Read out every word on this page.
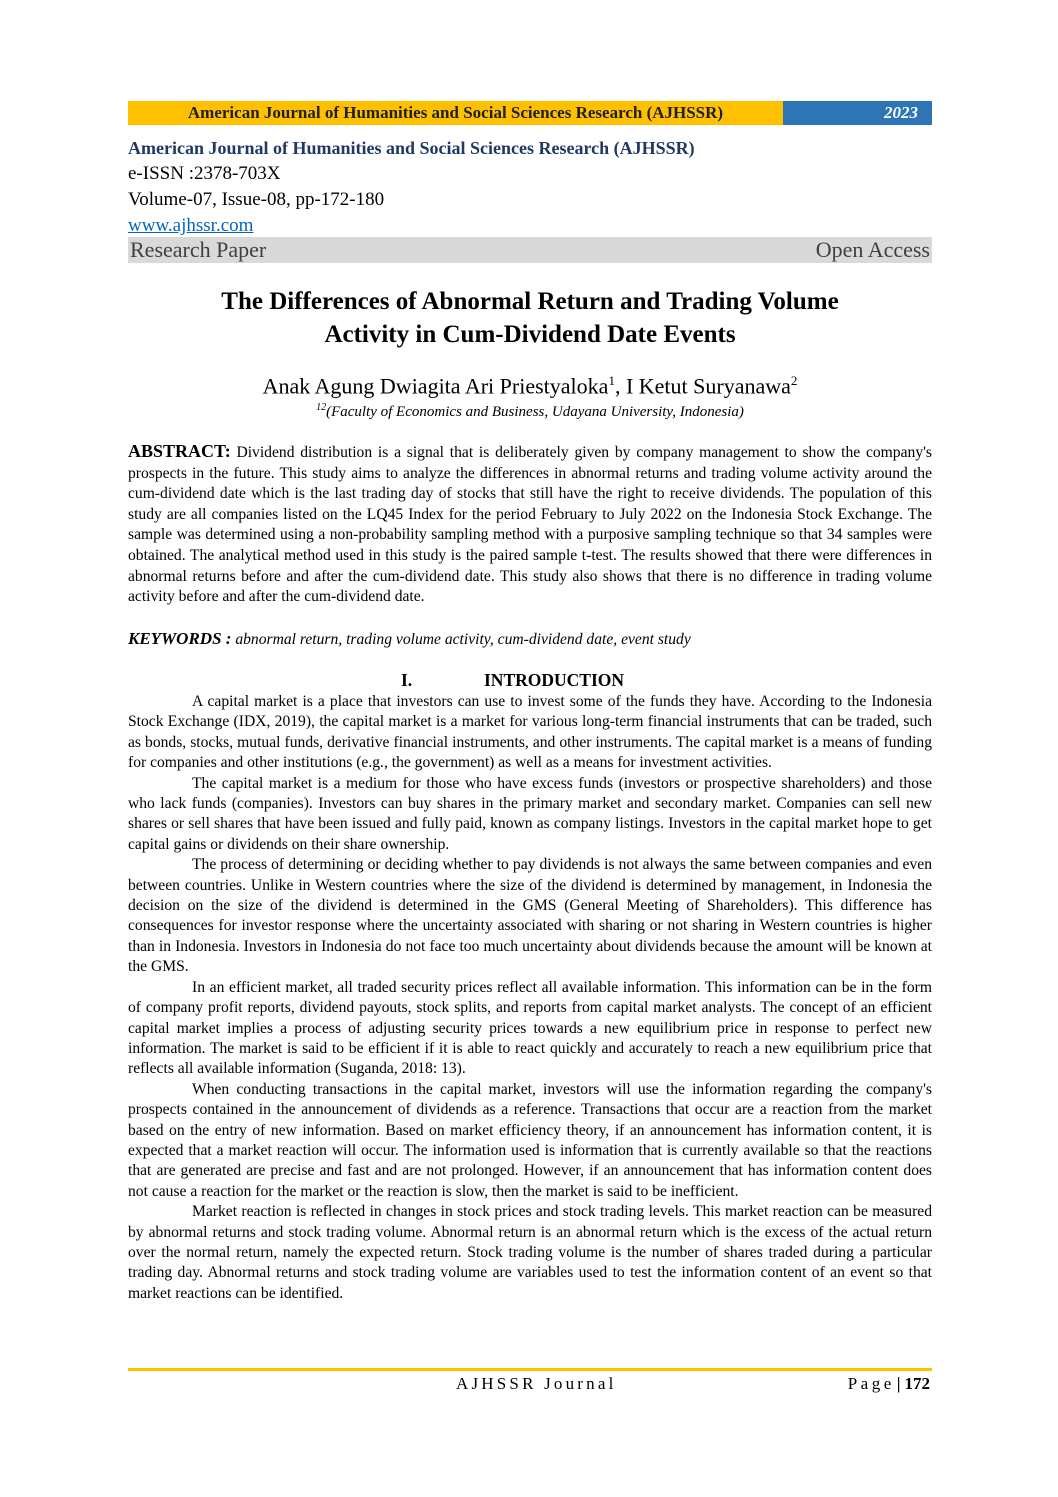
American Journal of Humanities and Social Sciences Research (AJHSSR)	2023
American Journal of Humanities and Social Sciences Research (AJHSSR)
e-ISSN :2378-703X
Volume-07, Issue-08, pp-172-180
www.ajhssr.com
Research Paper	Open Access
The Differences of Abnormal Return and Trading Volume
Activity in Cum-Dividend Date Events
Anak Agung Dwiagita Ari Priestyaloka$^1$, I Ketut Suryanawa$^2$
$^{12}$(Faculty of Economics and Business, Udayana University, Indonesia)
ABSTRACT: Dividend distribution is a signal that is deliberately given by company management to show the company's prospects in the future. This study aims to analyze the differences in abnormal returns and trading volume activity around the cum-dividend date which is the last trading day of stocks that still have the right to receive dividends. The population of this study are all companies listed on the LQ45 Index for the period February to July 2022 on the Indonesia Stock Exchange. The sample was determined using a non-probability sampling method with a purposive sampling technique so that 34 samples were obtained. The analytical method used in this study is the paired sample t-test. The results showed that there were differences in abnormal returns before and after the cum-dividend date. This study also shows that there is no difference in trading volume activity before and after the cum-dividend date.
KEYWORDS : abnormal return, trading volume activity, cum-dividend date, event study
I.	INTRODUCTION

A capital market is a place that investors can use to invest some of the funds they have. According to the Indonesia Stock Exchange (IDX, 2019), the capital market is a market for various long-term financial instruments that can be traded, such as bonds, stocks, mutual funds, derivative financial instruments, and other instruments. The capital market is a means of funding for companies and other institutions (e.g., the government) as well as a means for investment activities.

The capital market is a medium for those who have excess funds (investors or prospective shareholders) and those who lack funds (companies). Investors can buy shares in the primary market and secondary market. Companies can sell new shares or sell shares that have been issued and fully paid, known as company listings. Investors in the capital market hope to get capital gains or dividends on their share ownership.

The process of determining or deciding whether to pay dividends is not always the same between companies and even between countries. Unlike in Western countries where the size of the dividend is determined by management, in Indonesia the decision on the size of the dividend is determined in the GMS (General Meeting of Shareholders). This difference has consequences for investor response where the uncertainty associated with sharing or not sharing in Western countries is higher than in Indonesia. Investors in Indonesia do not face too much uncertainty about dividends because the amount will be known at the GMS.

In an efficient market, all traded security prices reflect all available information. This information can be in the form of company profit reports, dividend payouts, stock splits, and reports from capital market analysts. The concept of an efficient capital market implies a process of adjusting security prices towards a new equilibrium price in response to perfect new information. The market is said to be efficient if it is able to react quickly and accurately to reach a new equilibrium price that reflects all available information (Suganda, 2018: 13).

When conducting transactions in the capital market, investors will use the information regarding the company's prospects contained in the announcement of dividends as a reference. Transactions that occur are a reaction from the market based on the entry of new information. Based on market efficiency theory, if an announcement has information content, it is expected that a market reaction will occur. The information used is information that is currently available so that the reactions that are generated are precise and fast and are not prolonged. However, if an announcement that has information content does not cause a reaction for the market or the reaction is slow, then the market is said to be inefficient.

Market reaction is reflected in changes in stock prices and stock trading levels. This market reaction can be measured by abnormal returns and stock trading volume. Abnormal return is an abnormal return which is the excess of the actual return over the normal return, namely the expected return. Stock trading volume is the number of shares traded during a particular trading day. Abnormal returns and stock trading volume are variables used to test the information content of an event so that market reactions can be identified.

AJHSSR Journal	Page | 172
